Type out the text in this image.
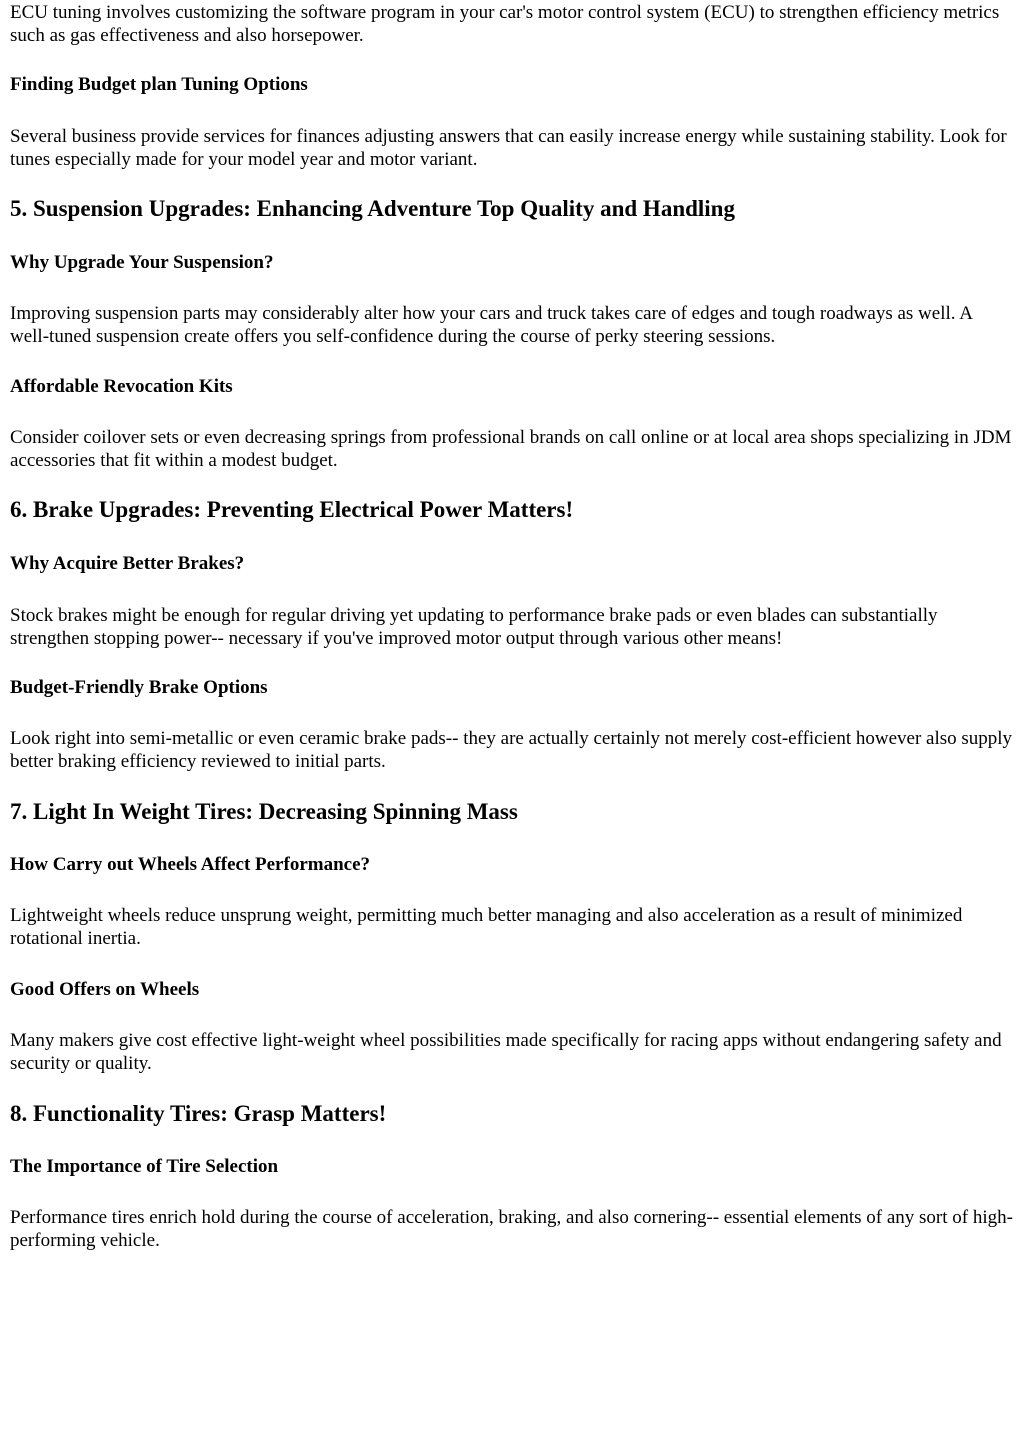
ECU tuning involves customizing the software program in your car's motor control system (ECU) to strengthen efficiency metrics such as gas effectiveness and also horsepower.

Finding Budget plan Tuning Options

Several business provide services for finances adjusting answers that can easily increase energy while sustaining stability. Look for tunes especially made for your model year and motor variant.

5. Suspension Upgrades: Enhancing Adventure Top Quality and Handling
Why Upgrade Your Suspension?

Improving suspension parts may considerably alter how your cars and truck takes care of edges and tough roadways as well. A well-tuned suspension create offers you self-confidence during the course of perky steering sessions.

Affordable Revocation Kits

Consider coilover sets or even decreasing springs from professional brands on call online or at local area shops specializing in JDM accessories that fit within a modest budget.

6. Brake Upgrades: Preventing Electrical Power Matters!
Why Acquire Better Brakes?

Stock brakes might be enough for regular driving yet updating to performance brake pads or even blades can substantially strengthen stopping power-- necessary if you've improved motor output through various other means!

Budget-Friendly Brake Options

Look right into semi-metallic or even ceramic brake pads-- they are actually certainly not merely cost-efficient however also supply better braking efficiency reviewed to initial parts.

7. Light In Weight Tires: Decreasing Spinning Mass
How Carry out Wheels Affect Performance?

Lightweight wheels reduce unsprung weight, permitting much better managing and also acceleration as a result of minimized rotational inertia.

Good Offers on Wheels

Many makers give cost effective light-weight wheel possibilities made specifically for racing apps without endangering safety and security or quality.

8. Functionality Tires: Grasp Matters!
The Importance of Tire Selection

Performance tires enrich hold during the course of acceleration, braking, and also cornering-- essential elements of any sort of high-performing vehicle.
